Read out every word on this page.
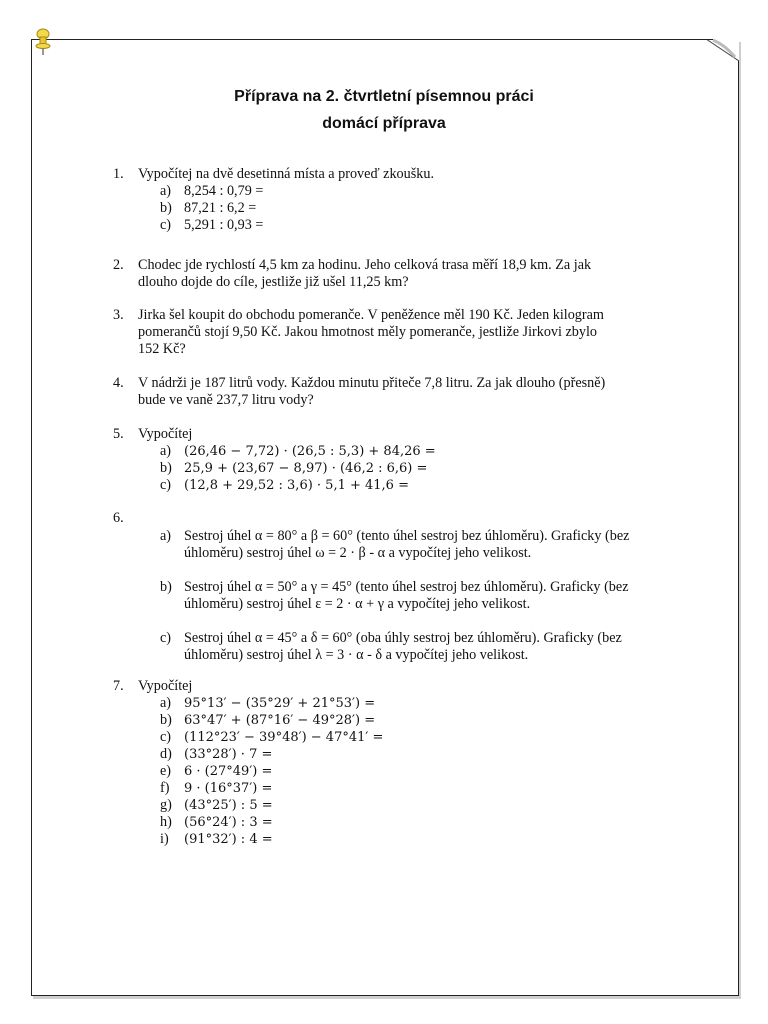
Příprava na 2. čtvrtletní písemnou práci
domácí příprava
1. Vypočítej na dvě desetinná místa a proveď zkoušku.
a) 8,254 : 0,79 =
b) 87,21 : 6,2 =
c) 5,291 : 0,93 =
2. Chodec jde rychlostí 4,5 km za hodinu. Jeho celková trasa měří 18,9 km. Za jak
dlouho dojde do cíle, jestliže již ušel 11,25 km?
3. Jirka šel koupit do obchodu pomeranče. V peněžence měl 190 Kč. Jeden kilogram
pomerančů stojí 9,50 Kč. Jakou hmotnost měly pomeranče, jestliže Jirkovi zbylo
152 Kč?
4. V nádrži je 187 litrů vody. Každou minutu přiteče 7,8 litru. Za jak dlouho (přesně)
bude ve vaně 237,7 litru vody?
5. Vypočítej
a) (26,46 − 7,72) · (26,5 : 5,3) + 84,26 =
b) 25,9 + (23,67 − 8,97) · (46,2 : 6,6) =
c) (12,8 + 29,52 : 3,6) · 5,1 + 41,6 =
6.
a) Sestroj úhel α = 80° a β = 60° (tento úhel sestroj bez úhloměru). Graficky (bez
úhloměru) sestroj úhel ω = 2 · β - α a vypočítej jeho velikost.
b) Sestroj úhel α = 50° a γ = 45° (tento úhel sestroj bez úhloměru). Graficky (bez
úhloměru) sestroj úhel ε = 2 · α + γ a vypočítej jeho velikost.
c) Sestroj úhel α = 45° a δ = 60° (oba úhly sestroj bez úhloměru). Graficky (bez
úhloměru) sestroj úhel λ = 3 · α - δ a vypočítej jeho velikost.
7. Vypočítej
a) 95°13′ − (35°29′ + 21°53′) =
b) 63°47′ + (87°16′ − 49°28′) =
c) (112°23′ − 39°48′) − 47°41′ =
d) (33°28′) · 7 =
e) 6 · (27°49′) =
f) 9 · (16°37′) =
g) (43°25′) : 5 =
h) (56°24′) : 3 =
i) (91°32′) : 4 =
